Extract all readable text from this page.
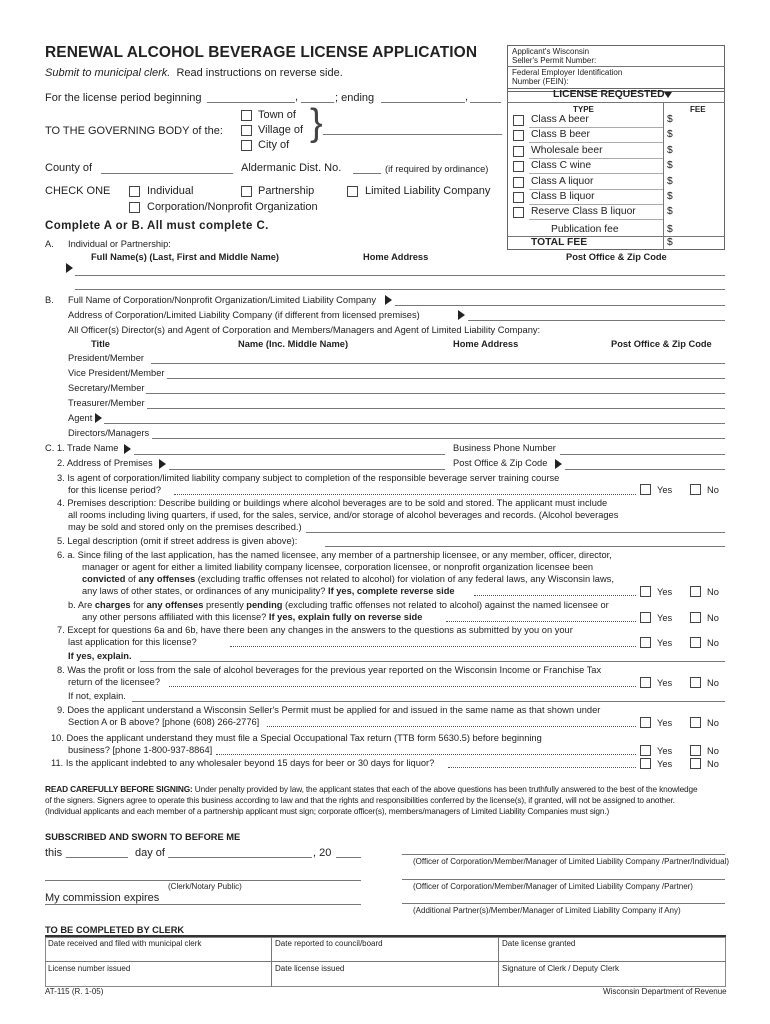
RENEWAL ALCOHOL BEVERAGE LICENSE APPLICATION
Submit to municipal clerk. Read instructions on reverse side.
Applicant's Wisconsin
Seller's Permit Number:
Federal Employer Identification
Number (FEIN):
LICENSE REQUESTED
TYPE	FEE
Class A beer	$
Class B beer	$
Wholesale beer	$
Class C wine	$
Class A liquor	$
Class B liquor	$
Reserve Class B liquor	$
Publication fee	$
TOTAL FEE	$
For the license period beginning	,	; ending	,
TO THE GOVERNING BODY of the:
Town of
Village of
City of
}
County of	Aldermanic Dist. No.	(if required by ordinance)
CHECK ONE	Individual	Partnership	Limited Liability Company
Corporation/Nonprofit Organization
Complete A or B. All must complete C.
A. Individual or Partnership:
Full Name(s) (Last, First and Middle Name)	Home Address	Post Office & Zip Code
B. Full Name of Corporation/Nonprofit Organization/Limited Liability Company
Address of Corporation/Limited Liability Company (if different from licensed premises)
All Officer(s) Director(s) and Agent of Corporation and Members/Managers and Agent of Limited Liability Company:
Title	Name (Inc. Middle Name)	Home Address	Post Office & Zip Code
President/Member
Vice President/Member
Secretary/Member
Treasurer/Member
Agent
Directors/Managers
C. 1. Trade Name	Business Phone Number
2. Address of Premises	Post Office & Zip Code
3. Is agent of corporation/limited liability company subject to completion of the responsible beverage server training course
for this license period?	Yes	No
4. Premises description: Describe building or buildings where alcohol beverages are to be sold and stored. The applicant must include
all rooms including living quarters, if used, for the sales, service, and/or storage of alcohol beverages and records. (Alcohol beverages
may be sold and stored only on the premises described.)
5. Legal description (omit if street address is given above):
6. a. Since filing of the last application, has the named licensee, any member of a partnership licensee, or any member, officer, director,
manager or agent for either a limited liability company licensee, corporation licensee, or nonprofit organization licensee been
convicted of any offenses (excluding traffic offenses not related to alcohol) for violation of any federal laws, any Wisconsin laws,
any laws of other states, or ordinances of any municipality? If yes, complete reverse side	Yes	No
b. Are charges for any offenses presently pending (excluding traffic offenses not related to alcohol) against the named licensee or
any other persons affiliated with this license? If yes, explain fully on reverse side	Yes	No
7. Except for questions 6a and 6b, have there been any changes in the answers to the questions as submitted by you on your
last application for this license?	Yes	No
If yes, explain.
8. Was the profit or loss from the sale of alcohol beverages for the previous year reported on the Wisconsin Income or Franchise Tax
return of the licensee?	Yes	No
If not, explain.
9. Does the applicant understand a Wisconsin Seller's Permit must be applied for and issued in the same name as that shown under
Section A or B above? [phone (608) 266-2776]	Yes	No
10. Does the applicant understand they must file a Special Occupational Tax return (TTB form 5630.5) before beginning
business? [phone 1-800-937-8864]	Yes	No
11. Is the applicant indebted to any wholesaler beyond 15 days for beer or 30 days for liquor?	Yes	No
READ CAREFULLY BEFORE SIGNING: Under penalty provided by law, the applicant states that each of the above questions has been truthfully answered to the best of the knowledge
of the signers. Signers agree to operate this business according to law and that the rights and responsibilities conferred by the license(s), if granted, will not be assigned to another.
(Individual applicants and each member of a partnership applicant must sign; corporate officer(s), members/managers of Limited Liability Companies must sign.)
SUBSCRIBED AND SWORN TO BEFORE ME
this	day of	, 20
(Clerk/Notary Public)
My commission expires
(Officer of Corporation/Member/Manager of Limited Liability Company /Partner/Individual)
(Officer of Corporation/Member/Manager of Limited Liability Company /Partner)
(Additional Partner(s)/Member/Manager of Limited Liability Company if Any)
TO BE COMPLETED BY CLERK
Date received and filed with municipal clerk	Date reported to council/board	Date license granted
License number issued	Date license issued	Signature of Clerk / Deputy Clerk
AT-115 (R. 1-05)	Wisconsin Department of Revenue
